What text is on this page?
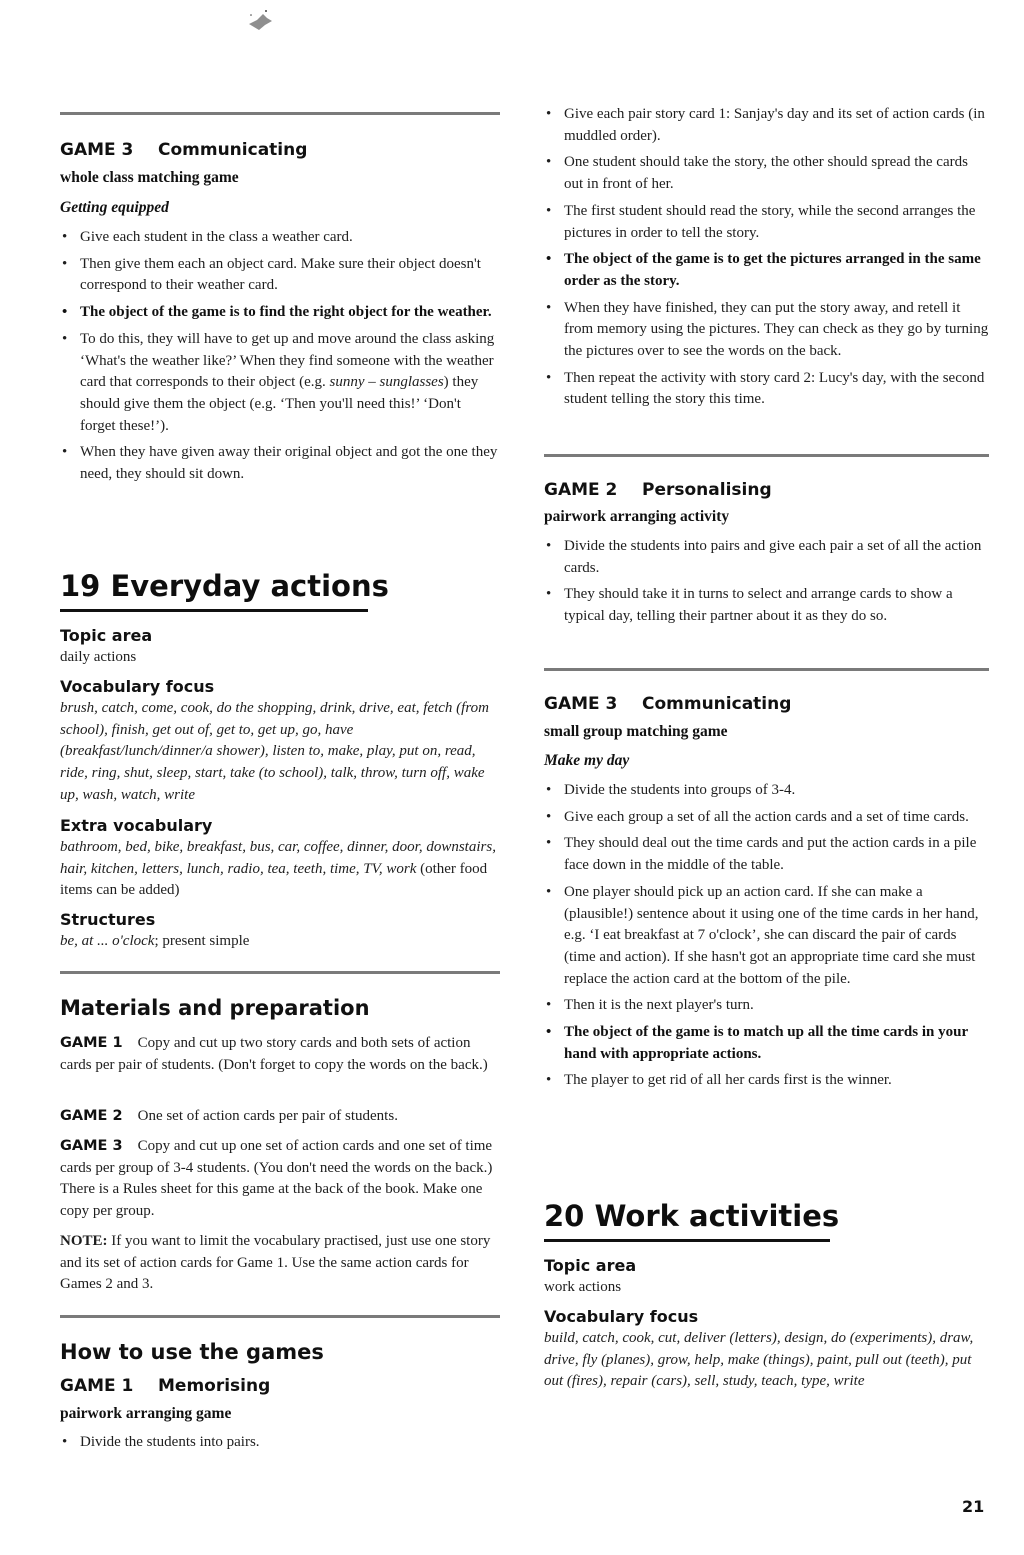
GAME 3 Communicating
whole class matching game
Getting equipped
• Give each student in the class a weather card.
• Then give them each an object card. Make sure their object doesn't correspond to their weather card.
• The object of the game is to find the right object for the weather.
• To do this, they will have to get up and move around the class asking ‘What's the weather like?’ When they find someone with the weather card that corresponds to their object (e.g. sunny – sunglasses) they should give them the object (e.g. ‘Then you'll need this!’ ‘Don't forget these!’).
• When they have given away their original object and got the one they need, they should sit down.
19 Everyday actions
Topic area
daily actions
Vocabulary focus
brush, catch, come, cook, do the shopping, drink, drive, eat, fetch (from school), finish, get out of, get to, get up, go, have (breakfast/lunch/dinner/a shower), listen to, make, play, put on, read, ride, ring, shut, sleep, start, take (to school), talk, throw, turn off, wake up, wash, watch, write
Extra vocabulary
bathroom, bed, bike, breakfast, bus, car, coffee, dinner, door, downstairs, hair, kitchen, letters, lunch, radio, tea, teeth, time, TV, work (other food items can be added)
Structures
be, at ... o'clock; present simple
Materials and preparation
GAME 1 Copy and cut up two story cards and both sets of action cards per pair of students. (Don't forget to copy the words on the back.)
GAME 2 One set of action cards per pair of students.
GAME 3 Copy and cut up one set of action cards and one set of time cards per group of 3-4 students. (You don't need the words on the back.) There is a Rules sheet for this game at the back of the book. Make one copy per group.
NOTE: If you want to limit the vocabulary practised, just use one story and its set of action cards for Game 1. Use the same action cards for Games 2 and 3.
How to use the games
GAME 1 Memorising
pairwork arranging game
• Divide the students into pairs.
• Give each pair story card 1: Sanjay's day and its set of action cards (in muddled order).
• One student should take the story, the other should spread the cards out in front of her.
• The first student should read the story, while the second arranges the pictures in order to tell the story.
• The object of the game is to get the pictures arranged in the same order as the story.
• When they have finished, they can put the story away, and retell it from memory using the pictures. They can check as they go by turning the pictures over to see the words on the back.
• Then repeat the activity with story card 2: Lucy's day, with the second student telling the story this time.
GAME 2 Personalising
pairwork arranging activity
• Divide the students into pairs and give each pair a set of all the action cards.
• They should take it in turns to select and arrange cards to show a typical day, telling their partner about it as they do so.
GAME 3 Communicating
small group matching game
Make my day
• Divide the students into groups of 3-4.
• Give each group a set of all the action cards and a set of time cards.
• They should deal out the time cards and put the action cards in a pile face down in the middle of the table.
• One player should pick up an action card. If she can make a (plausible!) sentence about it using one of the time cards in her hand, e.g. ‘I eat breakfast at 7 o'clock’, she can discard the pair of cards (time and action). If she hasn't got an appropriate time card she must replace the action card at the bottom of the pile.
• Then it is the next player's turn.
• The object of the game is to match up all the time cards in your hand with appropriate actions.
• The player to get rid of all her cards first is the winner.
20 Work activities
Topic area
work actions
Vocabulary focus
build, catch, cook, cut, deliver (letters), design, do (experiments), draw, drive, fly (planes), grow, help, make (things), paint, pull out (teeth), put out (fires), repair (cars), sell, study, teach, type, write
21
